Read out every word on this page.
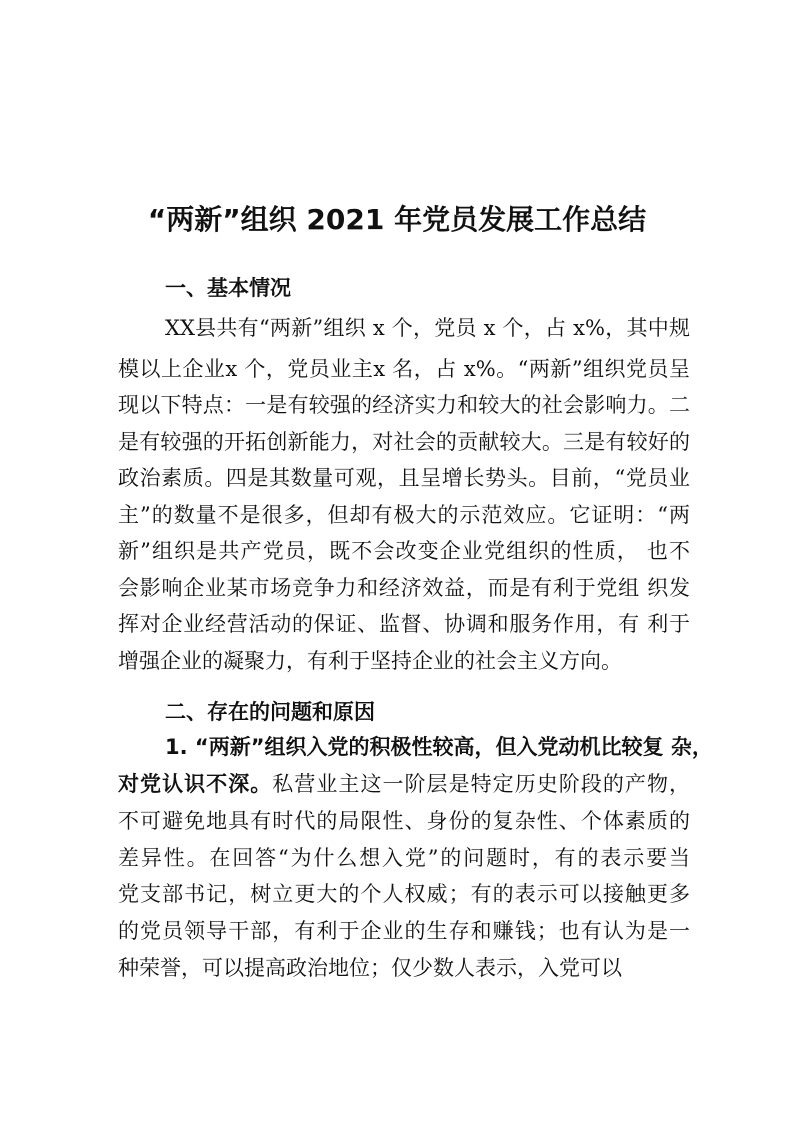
“两新”组织 2021 年党员发展工作总结
一、基本情况
XX县共有“两新”组织 x 个，党员 x 个，占 x%，其中规
模以上企业x 个，党员业主x 名，占 x%。“两新”组织党员呈
现以下特点：一是有较强的经济实力和较大的社会影响力。二
是有较强的开拓创新能力，对社会的贡献较大。三是有较好的
政治素质。四是其数量可观，且呈增长势头。目前，“党员业
主”的数量不是很多，但却有极大的示范效应。它证明：“两
新”组织是共产党员，既不会改变企业党组织的性质， 也不
会影响企业某市场竞争力和经济效益，而是有利于党组 织发
挥对企业经营活动的保证、监督、协调和服务作用，有 利于
增强企业的凝聚力，有利于坚持企业的社会主义方向。
二、存在的问题和原因
1. “两新”组织入党的积极性较高，但入党动机比较复 杂，
对党认识不深。私营业主这一阶层是特定历史阶段的产物，
不可避免地具有时代的局限性、身份的复杂性、个体素质的
差异性。在回答“为什么想入党”的问题时，有的表示要当
党支部书记，树立更大的个人权威；有的表示可以接触更多
的党员领导干部，有利于企业的生存和赚钱；也有认为是一
种荣誉，可以提高政治地位；仅少数人表示，入党可以
